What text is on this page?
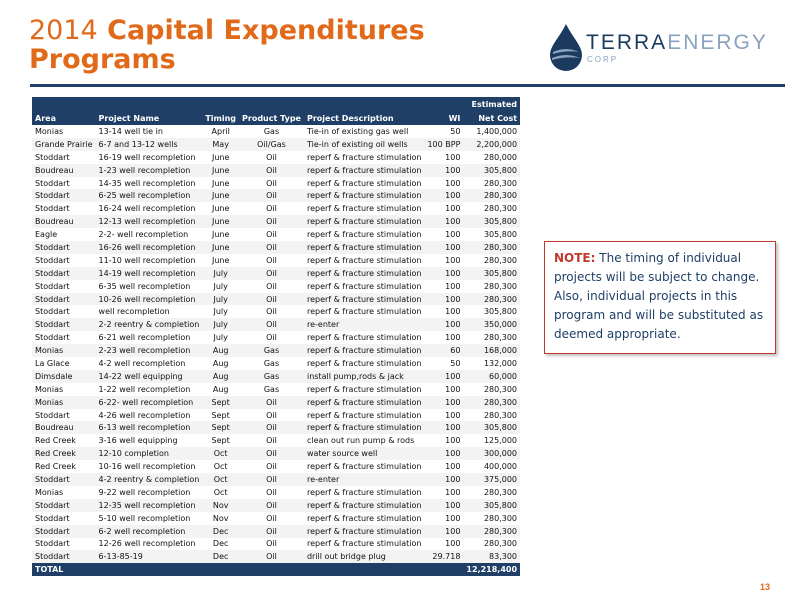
2014 Capital Expenditures Programs
TERRAENERGY
CORP
						Estimated
Area	Project Name	Timing	Product Type	Project Description	WI	Net Cost
Monias	13-14 well tie in	April	Gas	Tie-in of existing gas well	50	1,400,000
Grande Prairie	6-7 and 13-12 wells	May	Oil/Gas	Tie-in of existing oil wells	100 BPP	2,200,000
Stoddart	16-19 well recompletion	June	Oil	reperf & fracture stimulation	100	280,000
Boudreau	1-23 well recompletion	June	Oil	reperf & fracture stimulation	100	305,800
Stoddart	14-35 well recompletion	June	Oil	reperf & fracture stimulation	100	280,300
Stoddart	6-25 well recompletion	June	Oil	reperf & fracture stimulation	100	280,300
Stoddart	16-24 well recompletion	June	Oil	reperf & fracture stimulation	100	280,300
Boudreau	12-13 well recompletion	June	Oil	reperf & fracture stimulation	100	305,800
Eagle	2-2- well recompletion	June	Oil	reperf & fracture stimulation	100	305,800
Stoddart	16-26 well recompletion	June	Oil	reperf & fracture stimulation	100	280,300
Stoddart	11-10 well recompletion	June	Oil	reperf & fracture stimulation	100	280,300
Stoddart	14-19 well recompletion	July	Oil	reperf & fracture stimulation	100	305,800
Stoddart	6-35 well recompletion	July	Oil	reperf & fracture stimulation	100	280,300
Stoddart	10-26 well recompletion	July	Oil	reperf & fracture stimulation	100	280,300
Stoddart	well recompletion	July	Oil	reperf & fracture stimulation	100	305,800
Stoddart	2-2 reentry & completion	July	Oil	re-enter	100	350,000
Stoddart	6-21 well recompletion	July	Oil	reperf & fracture stimulation	100	280,300
Monias	2-23 well recompletion	Aug	Gas	reperf & fracture stimulation	60	168,000
La Glace	4-2 well recompletion	Aug	Gas	reperf & fracture stimulation	50	132,000
Dimsdale	14-22 well equipping	Aug	Gas	install pump,rods & jack	100	60,000
Monias	1-22 well recompletion	Aug	Gas	reperf & fracture stimulation	100	280,300
Monias	6-22- well recompletion	Sept	Oil	reperf & fracture stimulation	100	280,300
Stoddart	4-26 well recompletion	Sept	Oil	reperf & fracture stimulation	100	280,300
Boudreau	6-13 well recompletion	Sept	Oil	reperf & fracture stimulation	100	305,800
Red Creek	3-16 well equipping	Sept	Oil	clean out run pump & rods	100	125,000
Red Creek	12-10 completion	Oct	Oil	water source well	100	300,000
Red Creek	10-16 well recompletion	Oct	Oil	reperf & fracture stimulation	100	400,000
Stoddart	4-2 reentry & completion	Oct	Oil	re-enter	100	375,000
Monias	9-22 well recompletion	Oct	Oil	reperf & fracture stimulation	100	280,300
Stoddart	12-35 well recompletion	Nov	Oil	reperf & fracture stimulation	100	305,800
Stoddart	5-10 well recompletion	Nov	Oil	reperf & fracture stimulation	100	280,300
Stoddart	6-2 well recompletion	Dec	Oil	reperf & fracture stimulation	100	280,300
Stoddart	12-26 well recompletion	Dec	Oil	reperf & fracture stimulation	100	280,300
Stoddart	6-13-85-19	Dec	Oil	drill out bridge plug	29.718	83,300
TOTAL						12,218,400
NOTE: The timing of individual projects will be subject to change. Also, individual projects in this program and will be substituted as deemed appropriate.
13
